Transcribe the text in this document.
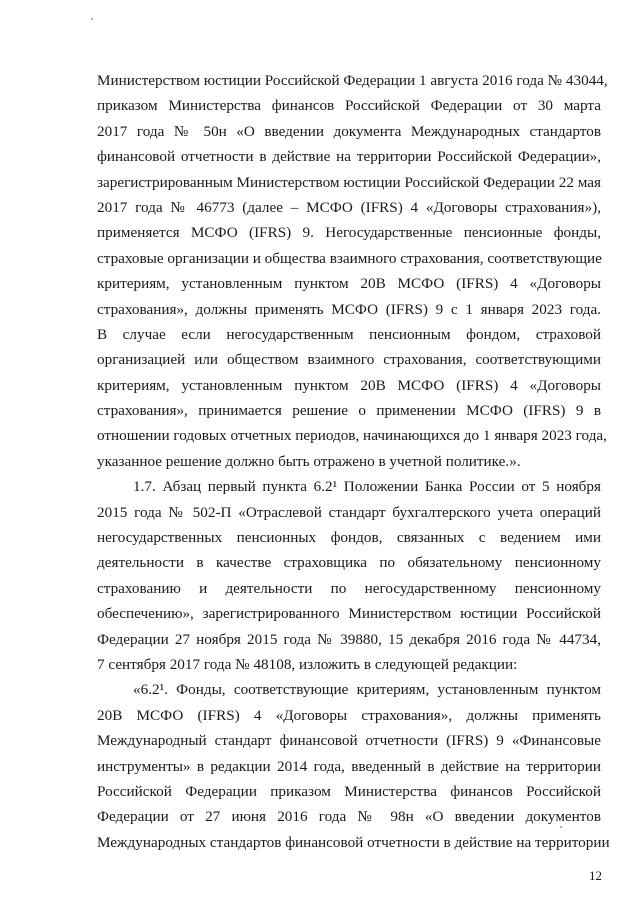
Министерством юстиции Российской Федерации 1 августа 2016 года № 43044,
приказом Министерства финансов Российской Федерации от 30 марта
2017 года № 50н «О введении документа Международных стандартов
финансовой отчетности в действие на территории Российской Федерации»,
зарегистрированным Министерством юстиции Российской Федерации 22 мая
2017 года № 46773 (далее – МСФО (IFRS) 4 «Договоры страхования»),
применяется МСФО (IFRS) 9. Негосударственные пенсионные фонды,
страховые организации и общества взаимного страхования, соответствующие
критериям, установленным пунктом 20В МСФО (IFRS) 4 «Договоры
страхования», должны применять МСФО (IFRS) 9 с 1 января 2023 года.
В случае если негосударственным пенсионным фондом, страховой
организацией или обществом взаимного страхования, соответствующими
критериям, установленным пунктом 20В МСФО (IFRS) 4 «Договоры
страхования», принимается решение о применении МСФО (IFRS) 9 в
отношении годовых отчетных периодов, начинающихся до 1 января 2023 года,
указанное решение должно быть отражено в учетной политике.».
1.7. Абзац первый пункта 6.2¹ Положении Банка России от 5 ноября
2015 года № 502-П «Отраслевой стандарт бухгалтерского учета операций
негосударственных пенсионных фондов, связанных с ведением ими
деятельности в качестве страховщика по обязательному пенсионному
страхованию и деятельности по негосударственному пенсионному
обеспечению», зарегистрированного Министерством юстиции Российской
Федерации 27 ноября 2015 года № 39880, 15 декабря 2016 года № 44734,
7 сентября 2017 года № 48108, изложить в следующей редакции:
«6.2¹. Фонды, соответствующие критериям, установленным пунктом
20В МСФО (IFRS) 4 «Договоры страхования», должны применять
Международный стандарт финансовой отчетности (IFRS) 9 «Финансовые
инструменты» в редакции 2014 года, введенный в действие на территории
Российской Федерации приказом Министерства финансов Российской
Федерации от 27 июня 2016 года № 98н «О введении документов
Международных стандартов финансовой отчетности в действие на территории
12
